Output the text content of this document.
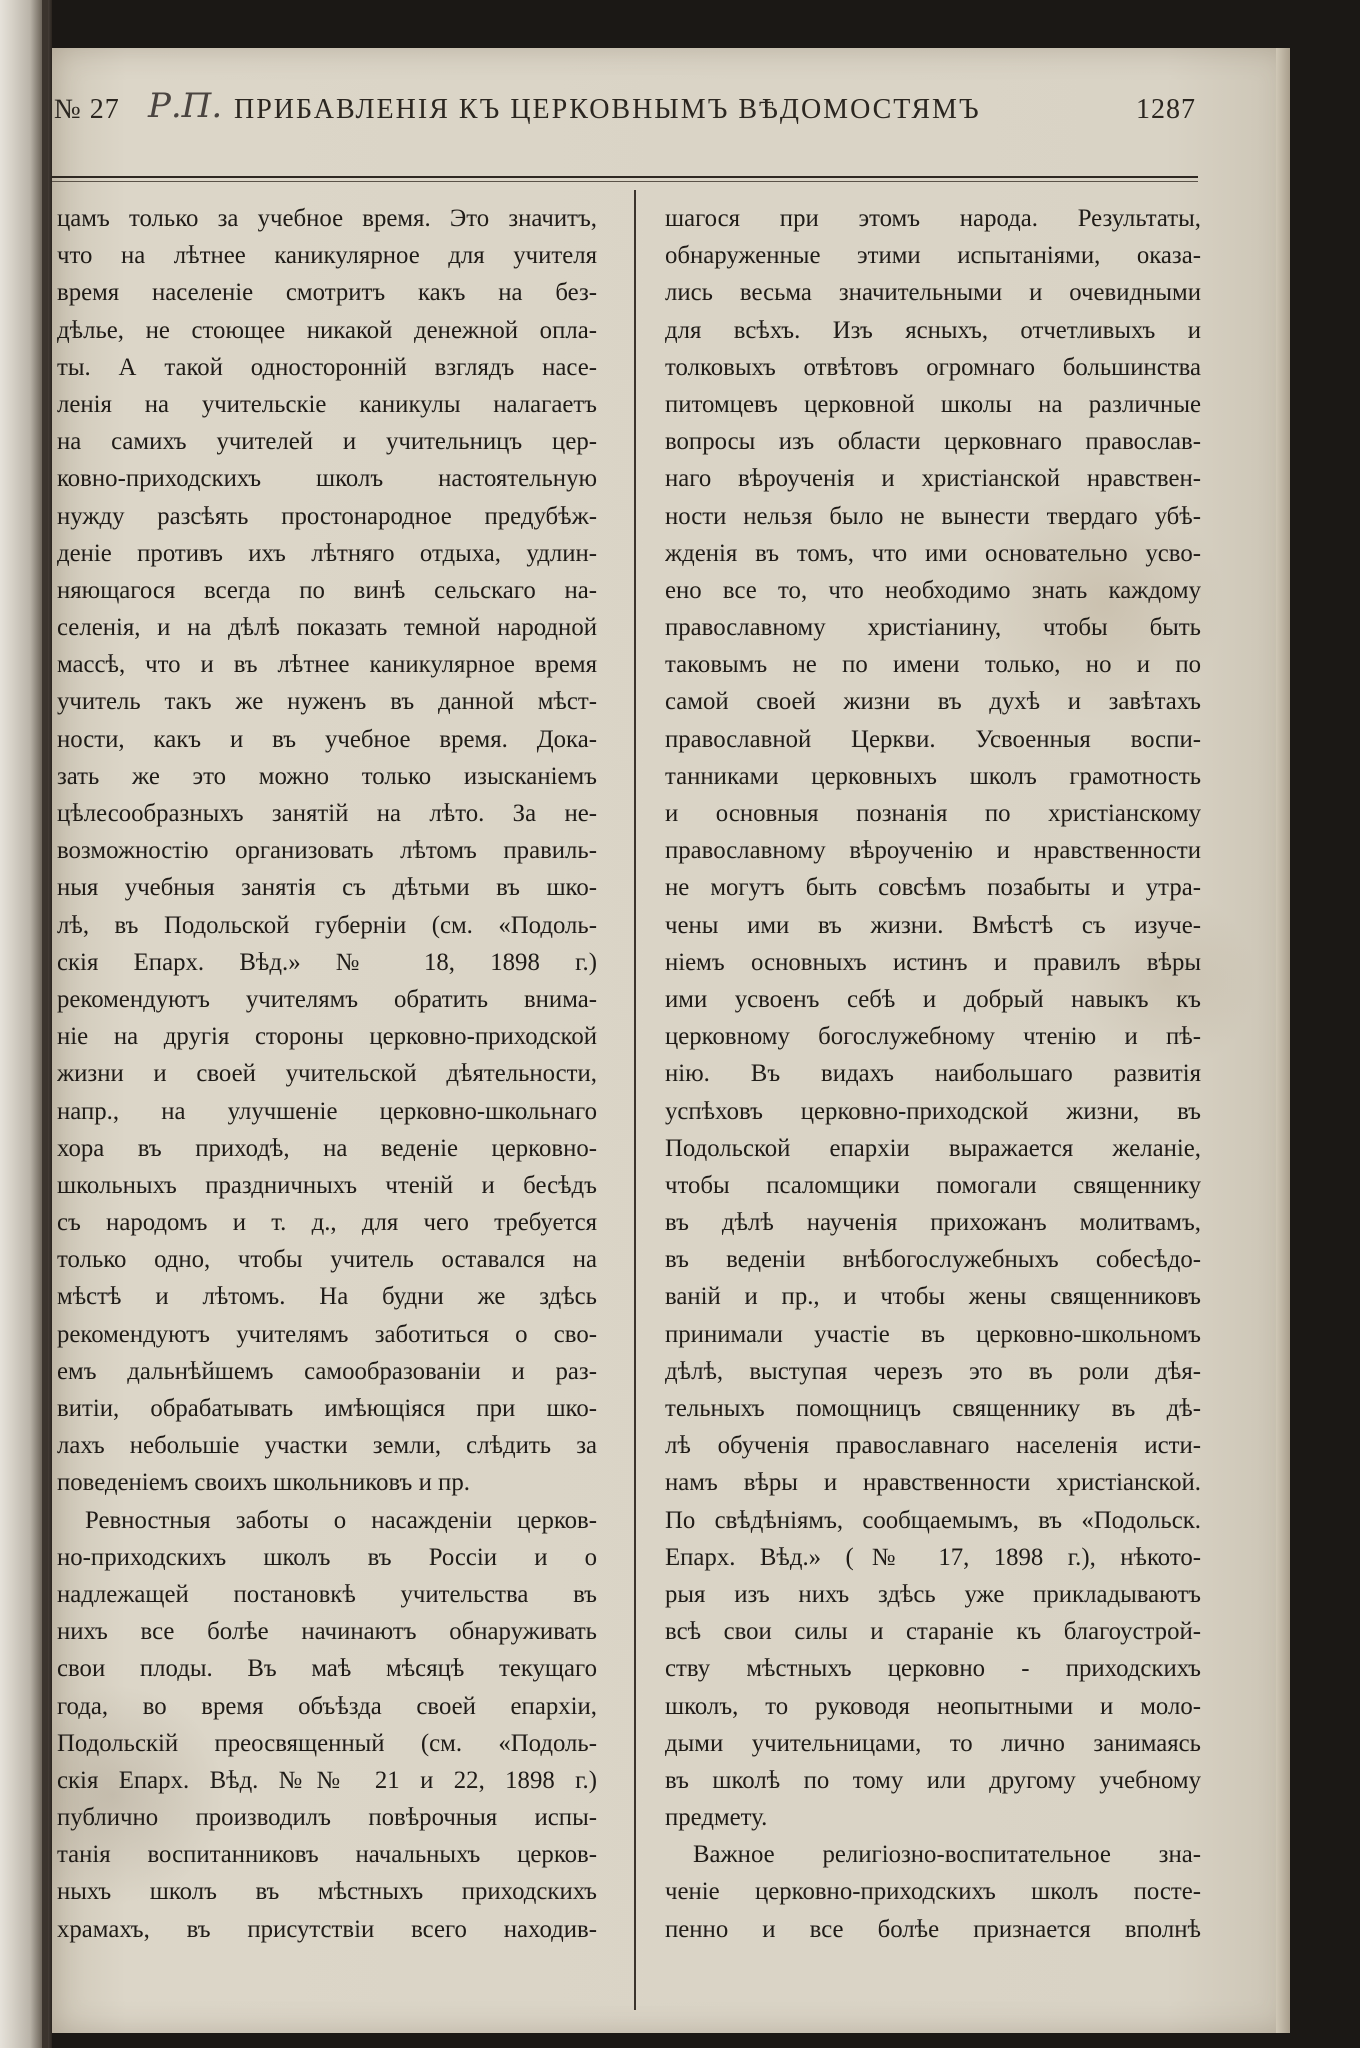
№ 27 Р.П. ПРИБАВЛЕНІЯ КЪ ЦЕРКОВНЫМЪ ВѢДОМОСТЯМЪ	1287
цамъ только за учебное время. Это значитъ,
что на лѣтнее каникулярное для учителя
время населеніе смотритъ какъ на без-
дѣлье, не стоющее никакой денежной опла-
ты. А такой односторонній взглядъ насе-
ленія на учительскіе каникулы налагаетъ
на самихъ учителей и учительницъ цер-
ковно-приходскихъ школъ настоятельную
нужду разсѣять простонародное предубѣж-
деніе противъ ихъ лѣтняго отдыха, удлин-
няющагося всегда по винѣ сельскаго на-
селенія, и на дѣлѣ показать темной народной
массѣ, что и въ лѣтнее каникулярное время
учитель такъ же нуженъ въ данной мѣст-
ности, какъ и въ учебное время. Дока-
зать же это можно только изысканіемъ
цѣлесообразныхъ занятій на лѣто. За не-
возможностію организовать лѣтомъ правиль-
ныя учебныя занятія съ дѣтьми въ шко-
лѣ, въ Подольской губерніи (см. «Подоль-
скія Епарх. Вѣд.» № 18, 1898 г.)
рекомендуютъ учителямъ обратить внима-
ніе на другія стороны церковно-приходской
жизни и своей учительской дѣятельности,
напр., на улучшеніе церковно-школьнаго
хора въ приходѣ, на веденіе церковно-
школьныхъ праздничныхъ чтеній и бесѣдъ
съ народомъ и т. д., для чего требуется
только одно, чтобы учитель оставался на
мѣстѣ и лѣтомъ. На будни же здѣсь
рекомендуютъ учителямъ заботиться о сво-
емъ дальнѣйшемъ самообразованіи и раз-
витіи, обрабатывать имѣющіяся при шко-
лахъ небольшіе участки земли, слѣдить за
поведеніемъ своихъ школьниковъ и пр.
Ревностныя заботы о насажденіи церков-
но-приходскихъ школъ въ Россіи и о
надлежащей постановкѣ учительства въ
нихъ все болѣе начинаютъ обнаруживать
свои плоды. Въ маѣ мѣсяцѣ текущаго
года, во время объѣзда своей епархіи,
Подольскій преосвященный (см. «Подоль-
скія Епарх. Вѣд. №№ 21 и 22, 1898 г.)
публично производилъ повѣрочныя испы-
танія воспитанниковъ начальныхъ церков-
ныхъ школъ въ мѣстныхъ приходскихъ
храмахъ, въ присутствіи всего находив-
шагося при этомъ народа. Результаты,
обнаруженные этими испытаніями, оказа-
лись весьма значительными и очевидными
для всѣхъ. Изъ ясныхъ, отчетливыхъ и
толковыхъ отвѣтовъ огромнаго большинства
питомцевъ церковной школы на различные
вопросы изъ области церковнаго православ-
наго вѣроученія и христіанской нравствен-
ности нельзя было не вынести твердаго убѣ-
жденія въ томъ, что ими основательно усво-
ено все то, что необходимо знать каждому
православному христіанину, чтобы быть
таковымъ не по имени только, но и по
самой своей жизни въ духѣ и завѣтахъ
православной Церкви. Усвоенныя воспи-
танниками церковныхъ школъ грамотность
и основныя познанія по христіанскому
православному вѣроученію и нравственности
не могутъ быть совсѣмъ позабыты и утра-
чены ими въ жизни. Вмѣстѣ съ изуче-
ніемъ основныхъ истинъ и правилъ вѣры
ими усвоенъ себѣ и добрый навыкъ къ
церковному богослужебному чтенію и пѣ-
нію. Въ видахъ наибольшаго развитія
успѣховъ церковно-приходской жизни, въ
Подольской епархіи выражается желаніе,
чтобы псаломщики помогали священнику
въ дѣлѣ наученія прихожанъ молитвамъ,
въ веденіи внѣбогослужебныхъ собесѣдо-
ваній и пр., и чтобы жены священниковъ
принимали участіе въ церковно-школьномъ
дѣлѣ, выступая черезъ это въ роли дѣя-
тельныхъ помощницъ священнику въ дѣ-
лѣ обученія православнаго населенія исти-
намъ вѣры и нравственности христіанской.
По свѣдѣніямъ, сообщаемымъ, въ «Подольск.
Епарх. Вѣд.» (№ 17, 1898 г.), нѣкото-
рыя изъ нихъ здѣсь уже прикладываютъ
всѣ свои силы и стараніе къ благоустрой-
ству мѣстныхъ церковно - приходскихъ
школъ, то руководя неопытными и моло-
дыми учительницами, то лично занимаясь
въ школѣ по тому или другому учебному
предмету.
Важное религіозно-воспитательное зна-
ченіе церковно-приходскихъ школъ посте-
пенно и все болѣе признается вполнѣ
